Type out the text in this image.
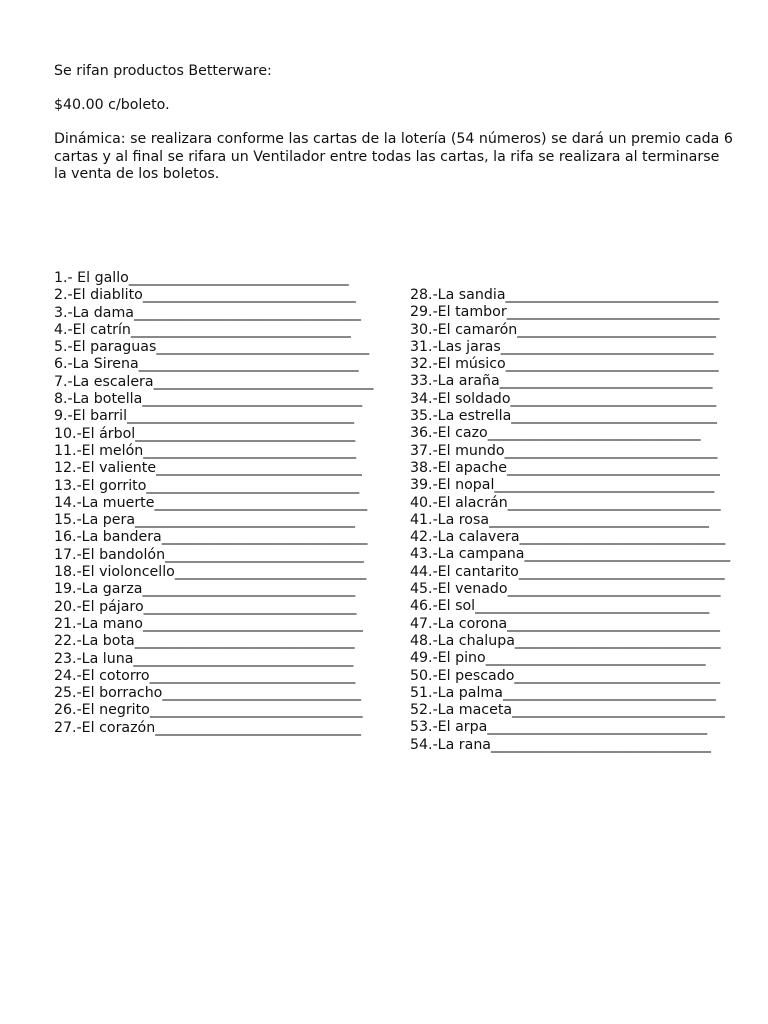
Se rifan productos Betterware:

$40.00 c/boleto.

Dinámica: se realizara conforme las cartas de la lotería (54 números) se dará un premio cada 6
cartas y al final se rifara un Ventilador entre todas las cartas, la rifa se realizara al terminarse
la venta de los boletos.

1.- El gallo_______________________________
2.-El diablito______________________________
3.-La dama________________________________
4.-El catrín_______________________________
5.-El paraguas______________________________
6.-La Sirena_______________________________
7.-La escalera_______________________________
8.-La botella_______________________________
9.-El barril________________________________
10.-El árbol_______________________________
11.-El melón______________________________
12.-El valiente_____________________________
13.-El gorrito______________________________
14.-La muerte______________________________
15.-La pera_______________________________
16.-La bandera_____________________________
17.-El bandolón____________________________
18.-El violoncello___________________________
19.-La garza______________________________
20.-El pájaro______________________________
21.-La mano_______________________________
22.-La bota_______________________________
23.-La luna_______________________________
24.-El cotorro_____________________________
25.-El borracho____________________________
26.-El negrito______________________________
27.-El corazón_____________________________
28.-La sandia______________________________
29.-El tambor______________________________
30.-El camarón____________________________
31.-Las jaras______________________________
32.-El músico______________________________
33.-La araña______________________________
34.-El soldado_____________________________
35.-La estrella_____________________________
36.-El cazo______________________________
37.-El mundo______________________________
38.-El apache______________________________
39.-El nopal_______________________________
40.-El alacrán______________________________
41.-La rosa_______________________________
42.-La calavera_____________________________
43.-La campana_____________________________
44.-El cantarito_____________________________
45.-El venado______________________________
46.-El sol_________________________________
47.-La corona______________________________
48.-La chalupa_____________________________
49.-El pino_______________________________
50.-El pescado_____________________________
51.-La palma______________________________
52.-La maceta______________________________
53.-El arpa_______________________________
54.-La rana_______________________________
